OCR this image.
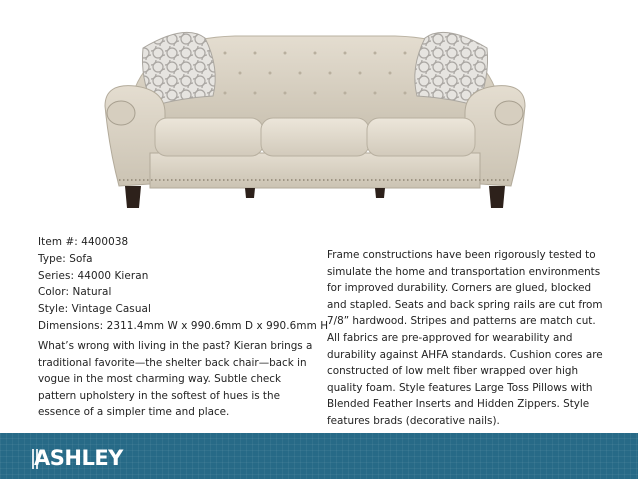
Item #: 4400038
Type: Sofa
Series: 44000 Kieran
Color: Natural
Style: Vintage Casual
Dimensions: 2311.4mm W x 990.6mm D x 990.6mm H
What’s wrong with living in the past? Kieran brings a traditional favorite—the shelter back chair—back in vogue in the most charming way. Subtle check pattern upholstery in the softest of hues is the essence of a simpler time and place.
Frame constructions have been rigorously tested to simulate the home and transportation environments for improved durability. Corners are glued, blocked and stapled. Seats and back spring rails are cut from 7/8” hardwood. Stripes and patterns are match cut. All fabrics are pre-approved for wearability and durability against AHFA standards. Cushion cores are constructed of low melt fiber wrapped over high quality foam. Style features Large Toss Pillows with Blended Feather Inserts and Hidden Zippers. Style features brads (decorative nails).
ASHLEY
